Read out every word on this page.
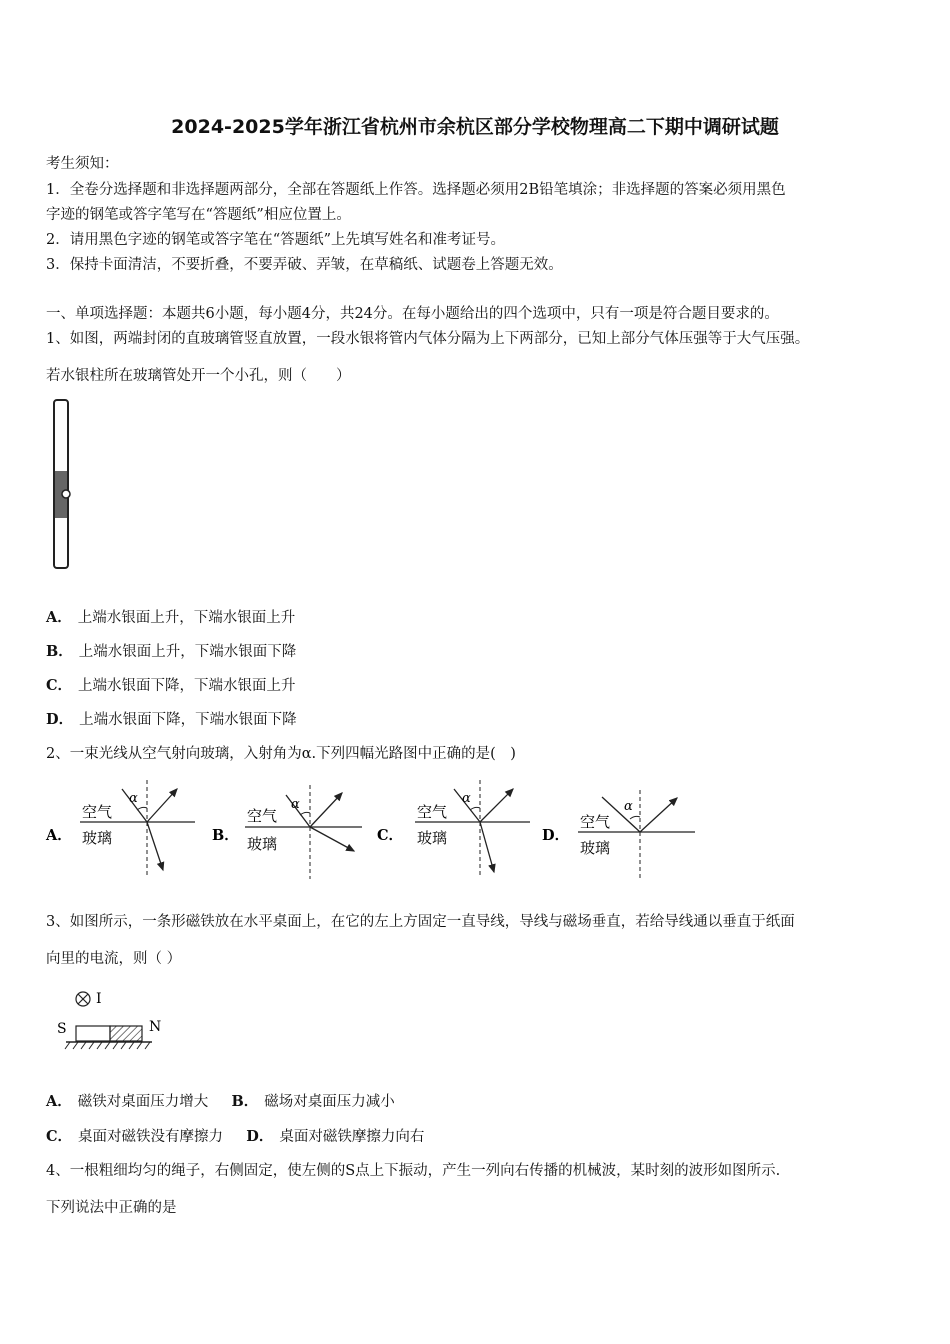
2024-2025学年浙江省杭州市余杭区部分学校物理高二下期中调研试题
考生须知：
1．全卷分选择题和非选择题两部分，全部在答题纸上作答。选择题必须用2B铅笔填涂；非选择题的答案必须用黑色
字迹的钢笔或答字笔写在“答题纸”相应位置上。
2．请用黑色字迹的钢笔或答字笔在“答题纸”上先填写姓名和准考证号。
3．保持卡面清洁，不要折叠，不要弄破、弄皱，在草稿纸、试题卷上答题无效。
一、单项选择题：本题共6小题，每小题4分，共24分。在每小题给出的四个选项中，只有一项是符合题目要求的。
1、如图，两端封闭的直玻璃管竖直放置，一段水银将管内气体分隔为上下两部分，已知上部分气体压强等于大气压强。
若水银柱所在玻璃管处开一个小孔，则（　　）
A． 上端水银面上升，下端水银面上升
B． 上端水银面上升，下端水银面下降
C． 上端水银面下降，下端水银面上升
D． 上端水银面下降，下端水银面下降
2、一束光线从空气射向玻璃，入射角为α.下列四幅光路图中正确的是(　)
A．
α
空气
玻璃	B．
α
空气
玻璃	C．
α
空气
玻璃	D．
α
空气
玻璃
3、如图所示，一条形磁铁放在水平桌面上，在它的左上方固定一直导线，导线与磁场垂直，若给导线通以垂直于纸面
向里的电流，则（ ）
I
S	N
A． 磁铁对桌面压力增大 B． 磁场对桌面压力减小
C． 桌面对磁铁没有摩擦力 D． 桌面对磁铁摩擦力向右
4、一根粗细均匀的绳子，右侧固定，使左侧的S点上下振动，产生一列向右传播的机械波，某时刻的波形如图所示.
下列说法中正确的是
